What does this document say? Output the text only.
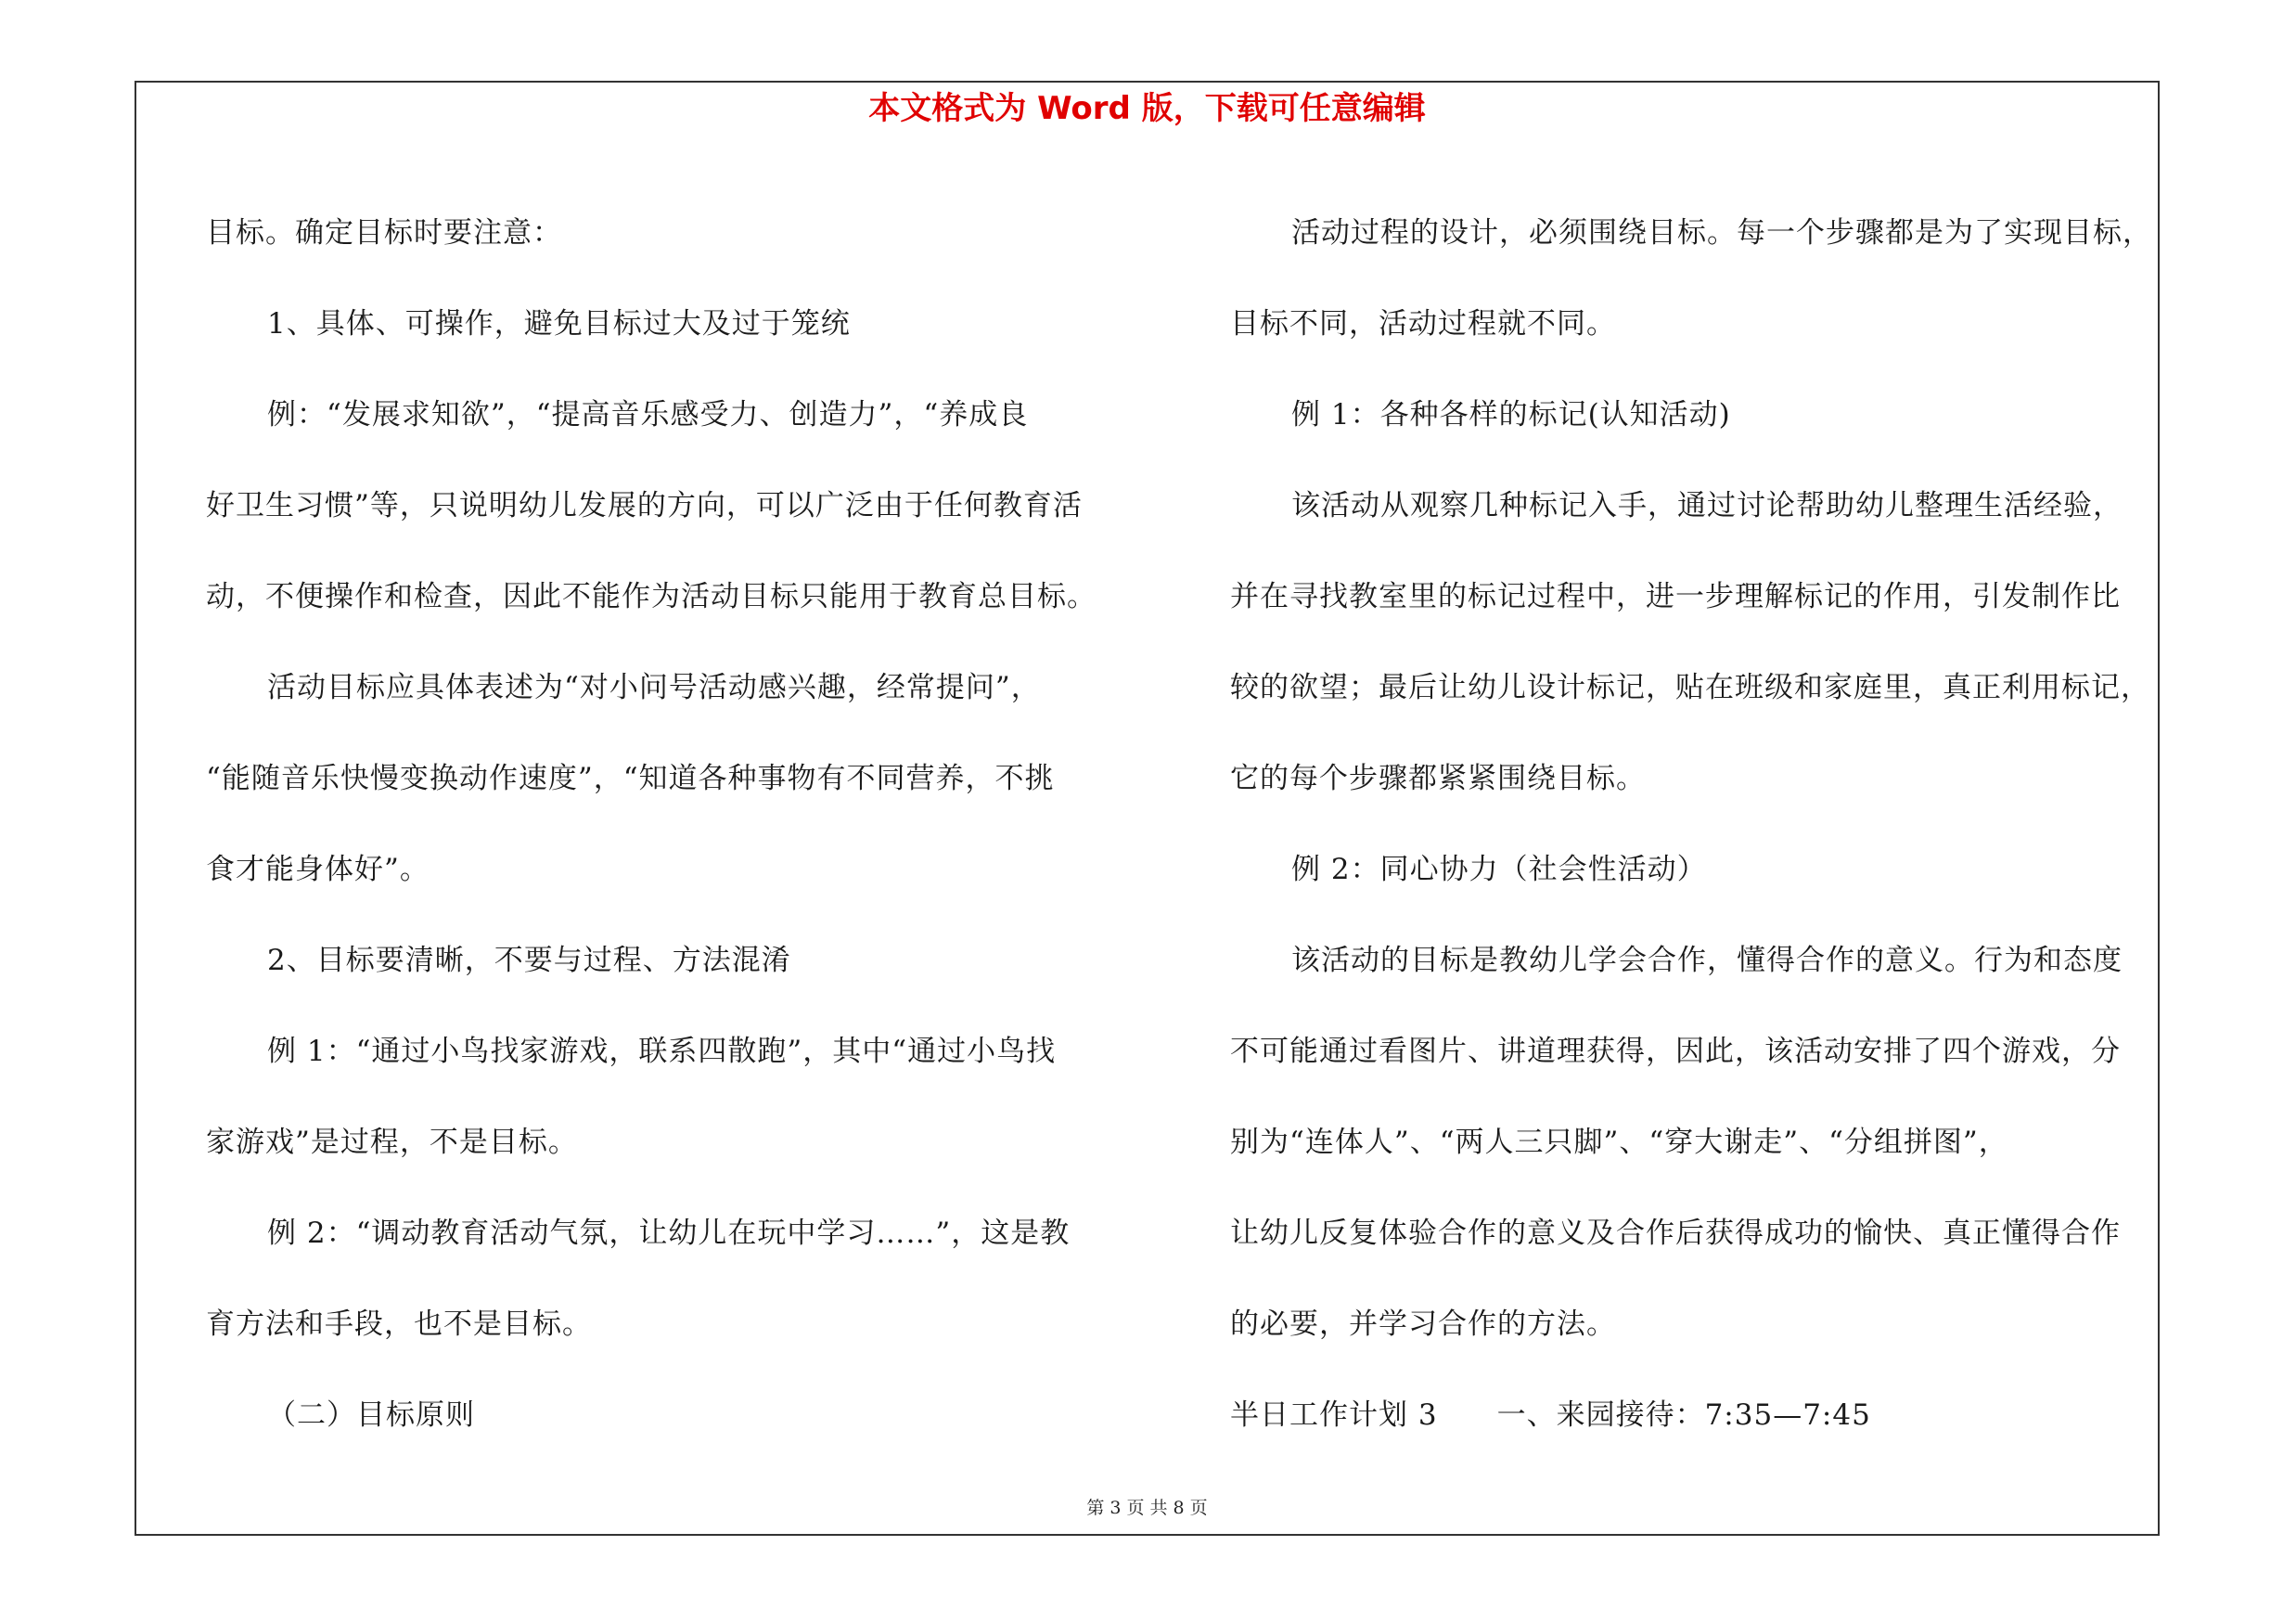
本文格式为 Word 版，下载可任意编辑

目标。确定目标时要注意：

1、具体、可操作，避免目标过大及过于笼统

例：“发展求知欲”，“提高音乐感受力、创造力”，“养成良

好卫生习惯”等，只说明幼儿发展的方向，可以广泛由于任何教育活

动，不便操作和检查，因此不能作为活动目标只能用于教育总目标。

活动目标应具体表述为“对小问号活动感兴趣，经常提问”，

“能随音乐快慢变换动作速度”，“知道各种事物有不同营养，不挑

食才能身体好”。

2、目标要清晰，不要与过程、方法混淆

例 1：“通过小鸟找家游戏，联系四散跑”，其中“通过小鸟找

家游戏”是过程，不是目标。

例 2：“调动教育活动气氛，让幼儿在玩中学习……”，这是教

育方法和手段，也不是目标。

（二）目标原则

活动过程的设计，必须围绕目标。每一个步骤都是为了实现目标，

目标不同，活动过程就不同。

例 1：各种各样的标记(认知活动)

该活动从观察几种标记入手，通过讨论帮助幼儿整理生活经验，

并在寻找教室里的标记过程中，进一步理解标记的作用，引发制作比

较的欲望；最后让幼儿设计标记，贴在班级和家庭里，真正利用标记，

它的每个步骤都紧紧围绕目标。

例 2：同心协力（社会性活动）

该活动的目标是教幼儿学会合作，懂得合作的意义。行为和态度

不可能通过看图片、讲道理获得，因此，该活动安排了四个游戏，分

别为“连体人”、“两人三只脚”、“穿大谢走”、“分组拼图”，

让幼儿反复体验合作的意义及合作后获得成功的愉快、真正懂得合作

的必要，并学习合作的方法。

半日工作计划 3　　一、来园接待：7:35—7:45

第 3 页 共 8 页
